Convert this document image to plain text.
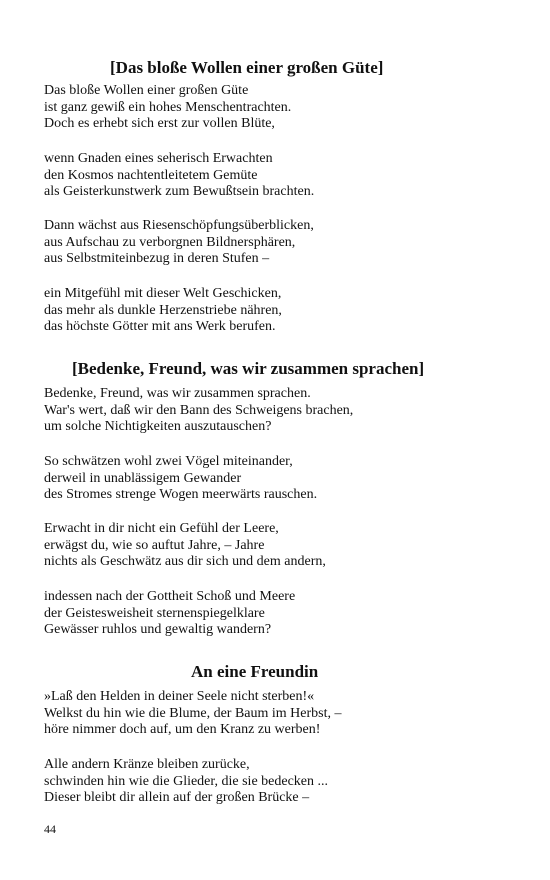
[Das bloße Wollen einer großen Güte]
Das bloße Wollen einer großen Güte
ist ganz gewiß ein hohes Menschentrachten.
Doch es erhebt sich erst zur vollen Blüte,
wenn Gnaden eines seherisch Erwachten
den Kosmos nachtentleitetem Gemüte
als Geisterkunstwerk zum Bewußtsein brachten.
Dann wächst aus Riesenschöpfungsüberblicken,
aus Aufschau zu verborgnen Bildnersphären,
aus Selbstmiteinbezug in deren Stufen –
ein Mitgefühl mit dieser Welt Geschicken,
das mehr als dunkle Herzenstriebe nähren,
das höchste Götter mit ans Werk berufen.
[Bedenke, Freund, was wir zusammen sprachen]
Bedenke, Freund, was wir zusammen sprachen.
War's wert, daß wir den Bann des Schweigens brachen,
um solche Nichtigkeiten auszutauschen?
So schwätzen wohl zwei Vögel miteinander,
derweil in unablässigem Gewander
des Stromes strenge Wogen meerwärts rauschen.
Erwacht in dir nicht ein Gefühl der Leere,
erwägst du, wie so auftut Jahre, – Jahre
nichts als Geschwätz aus dir sich und dem andern,
indessen nach der Gottheit Schoß und Meere
der Geistesweisheit sternenspiegelklare
Gewässer ruhlos und gewaltig wandern?
An eine Freundin
»Laß den Helden in deiner Seele nicht sterben!«
Welkst du hin wie die Blume, der Baum im Herbst, –
höre nimmer doch auf, um den Kranz zu werben!
Alle andern Kränze bleiben zurücke,
schwinden hin wie die Glieder, die sie bedecken ...
Dieser bleibt dir allein auf der großen Brücke –
44
